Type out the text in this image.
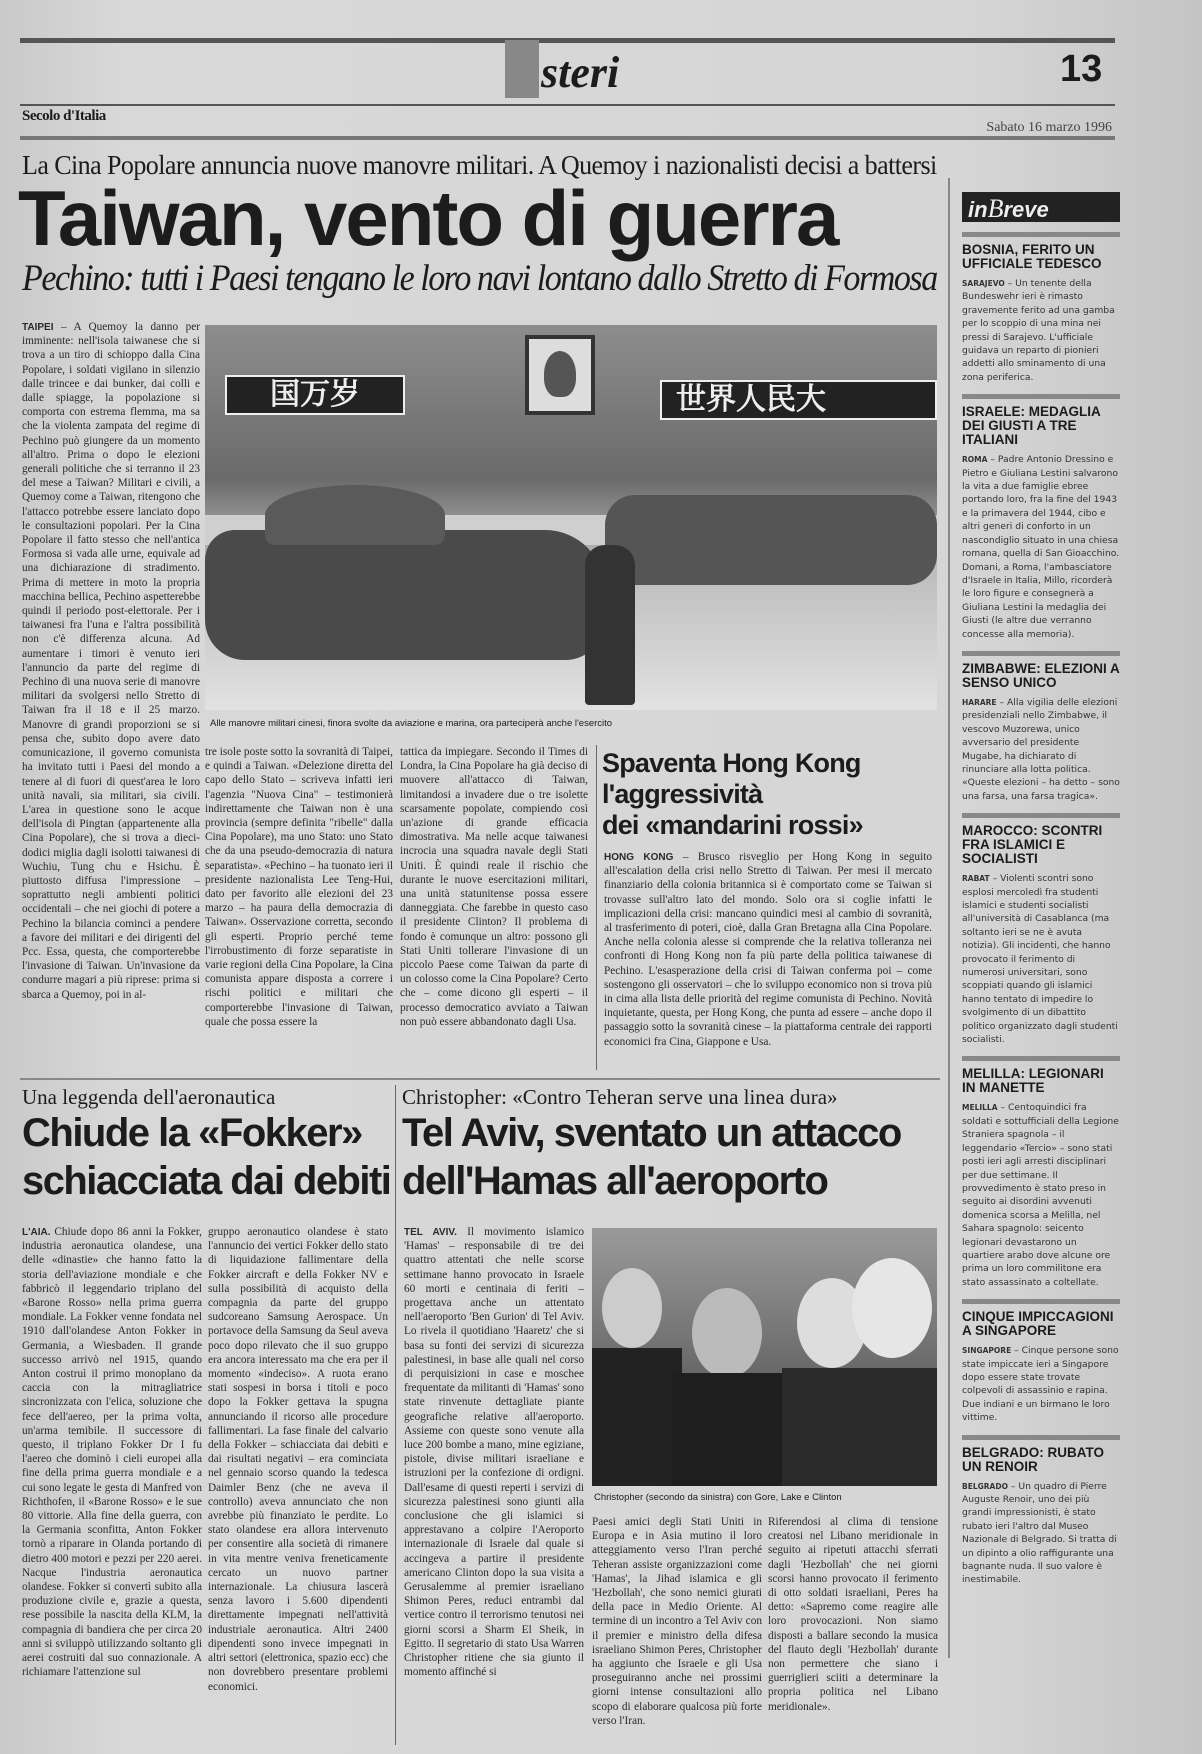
steri	13
Secolo d'Italia
Sabato 16 marzo 1996
La Cina Popolare annuncia nuove manovre militari. A Quemoy i nazionalisti decisi a battersi
Taiwan, vento di guerra
Pechino: tutti i Paesi tengano le loro navi lontano dallo Stretto di Formosa
TAIPEI – A Quemoy la danno per imminente: nell'isola taiwanese che si trova a un tiro di schioppo dalla Cina Popolare, i soldati vigilano in silenzio dalle trincee e dai bunker, dai colli e dalle spiagge, la popolazione si comporta con estrema flemma, ma sa che la violenta zampata del regime di Pechino può giungere da un momento all'altro. Prima o dopo le elezioni generali politiche che si terranno il 23 del mese a Taiwan? Militari e civili, a Quemoy come a Taiwan, ritengono che l'attacco potrebbe essere lanciato dopo le consultazioni popolari. Per la Cina Popolare il fatto stesso che nell'antica Formosa si vada alle urne, equivale ad una dichiarazione di stradimento. Prima di mettere in moto la propria macchina bellica, Pechino aspetterebbe quindi il periodo post-elettorale. Per i taiwanesi fra l'una e l'altra possibilità non c'è differenza alcuna. Ad aumentare i timori è venuto ieri l'annuncio da parte del regime di Pechino di una nuova serie di manovre militari da svolgersi nello Stretto di Taiwan fra il 18 e il 25 marzo. Manovre di grandi proporzioni se si pensa che, subito dopo avere dato comunicazione, il governo comunista ha invitato tutti i Paesi del mondo a tenere al di fuori di quest'area le loro unità navali, sia militari, sia civili. L'area in questione sono le acque dell'isola di Pingtan (appartenente alla Cina Popolare), che si trova a dieci-dodici miglia dagli isolotti taiwanesi di Wuchiu, Tung chu e Hsichu. È piuttosto diffusa l'impressione – soprattutto negli ambienti politici occidentali – che nei giochi di potere a Pechino la bilancia cominci a pendere a favore dei militari e dei dirigenti del Pcc. Essa, questa, che comporterebbe l'invasione di Taiwan. Un'invasione da condurre magari a più riprese: prima si sbarca a Quemoy, poi in al-
国万岁	世界人民大
Alle manovre militari cinesi, finora svolte da aviazione e marina, ora parteciperà anche l'esercito
tre isole poste sotto la sovranità di Taipei, e quindi a Taiwan. «Delezione diretta del capo dello Stato – scriveva infatti ieri l'agenzia "Nuova Cina" – testimonierà indirettamente che Taiwan non è una provincia (sempre definita "ribelle" dalla Cina Popolare), ma uno Stato: uno Stato che da una pseudo-democrazia di natura separatista». «Pechino – ha tuonato ieri il presidente nazionalista Lee Teng-Hui, dato per favorito alle elezioni del 23 marzo – ha paura della democrazia di Taiwan». Osservazione corretta, secondo gli esperti. Proprio perché teme l'irrobustimento di forze separatiste in varie regioni della Cina Popolare, la Cina comunista appare disposta a correre i rischi politici e militari che comporterebbe l'invasione di Taiwan, quale che possa essere la
tattica da impiegare. Secondo il Times di Londra, la Cina Popolare ha già deciso di muovere all'attacco di Taiwan, limitandosi a invadere due o tre isolette scarsamente popolate, compiendo così un'azione di grande efficacia dimostrativa. Ma nelle acque taiwanesi incrocia una squadra navale degli Stati Uniti. È quindi reale il rischio che durante le nuove esercitazioni militari, una unità statunitense possa essere danneggiata. Che farebbe in questo caso il presidente Clinton? Il problema di fondo è comunque un altro: possono gli Stati Uniti tollerare l'invasione di un piccolo Paese come Taiwan da parte di un colosso come la Cina Popolare? Certo che – come dicono gli esperti – il processo democratico avviato a Taiwan non può essere abbandonato dagli Usa.
Spaventa Hong Kong
l'aggressività
dei «mandarini rossi»
HONG KONG – Brusco risveglio per Hong Kong in seguito all'escalation della crisi nello Stretto di Taiwan. Per mesi il mercato finanziario della colonia britannica si è comportato come se Taiwan si trovasse sull'altro lato del mondo. Solo ora si coglie infatti le implicazioni della crisi: mancano quindici mesi al cambio di sovranità, al trasferimento di poteri, cioè, dalla Gran Bretagna alla Cina Popolare. Anche nella colonia alesse si comprende che la relativa tolleranza nei confronti di Hong Kong non fa più parte della politica taiwanese di Pechino. L'esasperazione della crisi di Taiwan conferma poi – come sostengono gli osservatori – che lo sviluppo economico non si trova più in cima alla lista delle priorità del regime comunista di Pechino. Novità inquietante, questa, per Hong Kong, che punta ad essere – anche dopo il passaggio sotto la sovranità cinese – la piattaforma centrale dei rapporti economici fra Cina, Giappone e Usa.
Una leggenda dell'aeronautica
Chiude la «Fokker»
schiacciata dai debiti
L'AIA. Chiude dopo 86 anni la Fokker, industria aeronautica olandese, una delle «dinastie» che hanno fatto la storia dell'aviazione mondiale e che fabbricò il leggendario triplano del «Barone Rosso» nella prima guerra mondiale. La Fokker venne fondata nel 1910 dall'olandese Anton Fokker in Germania, a Wiesbaden. Il grande successo arrivò nel 1915, quando Anton costruì il primo monoplano da caccia con la mitragliatrice sincronizzata con l'elica, soluzione che fece dell'aereo, per la prima volta, un'arma temibile. Il successore di questo, il triplano Fokker Dr I fu l'aereo che dominò i cieli europei alla fine della prima guerra mondiale e a cui sono legate le gesta di Manfred von Richthofen, il «Barone Rosso» e le sue 80 vittorie. Alla fine della guerra, con la Germania sconfitta, Anton Fokker tornò a riparare in Olanda portando di dietro 400 motori e pezzi per 220 aerei. Nacque l'industria aeronautica olandese. Fokker si convertì subito alla produzione civile e, grazie a questa, rese possibile la nascita della KLM, la compagnia di bandiera che per circa 20 anni si sviluppò utilizzando soltanto gli aerei costruiti dal suo connazionale. A richiamare l'attenzione sul
gruppo aeronautico olandese è stato l'annuncio dei vertici Fokker dello stato di liquidazione fallimentare della Fokker aircraft e della Fokker NV e sulla possibilità di acquisto della compagnia da parte del gruppo sudcoreano Samsung Aerospace. Un portavoce della Samsung da Seul aveva poco dopo rilevato che il suo gruppo era ancora interessato ma che era per il momento «indeciso». A ruota erano stati sospesi in borsa i titoli e poco dopo la Fokker gettava la spugna annunciando il ricorso alle procedure fallimentari. La fase finale del calvario della Fokker – schiacciata dai debiti e dai risultati negativi – era cominciata nel gennaio scorso quando la tedesca Daimler Benz (che ne aveva il controllo) aveva annunciato che non avrebbe più finanziato le perdite. Lo stato olandese era allora intervenuto per consentire alla società di rimanere in vita mentre veniva freneticamente cercato un nuovo partner internazionale. La chiusura lascerà senza lavoro i 5.600 dipendenti direttamente impegnati nell'attività industriale aeronautica. Altri 2400 dipendenti sono invece impegnati in altri settori (elettronica, spazio ecc) che non dovrebbero presentare problemi economici.
Christopher: «Contro Teheran serve una linea dura»
Tel Aviv, sventato un attacco
dell'Hamas all'aeroporto
TEL AVIV. Il movimento islamico 'Hamas' – responsabile di tre dei quattro attentati che nelle scorse settimane hanno provocato in Israele 60 morti e centinaia di feriti – progettava anche un attentato nell'aeroporto 'Ben Gurion' di Tel Aviv. Lo rivela il quotidiano 'Haaretz' che si basa su fonti dei servizi di sicurezza palestinesi, in base alle quali nel corso di perquisizioni in case e moschee frequentate da militanti di 'Hamas' sono state rinvenute dettagliate piante geografiche relative all'aeroporto. Assieme con queste sono venute alla luce 200 bombe a mano, mine egiziane, pistole, divise militari israeliane e istruzioni per la confezione di ordigni. Dall'esame di questi reperti i servizi di sicurezza palestinesi sono giunti alla conclusione che gli islamici si apprestavano a colpire l'Aeroporto internazionale di Israele dal quale si accingeva a partire il presidente americano Clinton dopo la sua visita a Gerusalemme al premier israeliano Shimon Peres, reduci entrambi dal vertice contro il terrorismo tenutosi nei giorni scorsi a Sharm El Sheik, in Egitto. Il segretario di stato Usa Warren Christopher ritiene che sia giunto il momento affinché si
Christopher (secondo da sinistra) con Gore, Lake e Clinton
Paesi amici degli Stati Uniti in Europa e in Asia mutino il loro atteggiamento verso l'Iran perché Teheran assiste organizzazioni come 'Hamas', la Jihad islamica e gli 'Hezbollah', che sono nemici giurati della pace in Medio Oriente. Al termine di un incontro a Tel Aviv con il premier e ministro della difesa israeliano Shimon Peres, Christopher ha aggiunto che Israele e gli Usa proseguiranno anche nei prossimi giorni intense consultazioni allo scopo di elaborare qualcosa più forte verso l'Iran.
Riferendosi al clima di tensione creatosi nel Libano meridionale in seguito ai ripetuti attacchi sferrati dagli 'Hezbollah' che nei giorni scorsi hanno provocato il ferimento di otto soldati israeliani, Peres ha detto: «Sapremo come reagire alle loro provocazioni. Non siamo disposti a ballare secondo la musica del flauto degli 'Hezbollah' durante non permettere che siano i guerriglieri sciiti a determinare la propria politica nel Libano meridionale».
inBreve
BOSNIA, FERITO UN UFFICIALE TEDESCO

SARAJEVO – Un tenente della Bundeswehr ieri è rimasto gravemente ferito ad una gamba per lo scoppio di una mina nei pressi di Sarajevo. L'ufficiale guidava un reparto di pionieri addetti allo sminamento di una zona periferica.

ISRAELE: MEDAGLIA DEI GIUSTI A TRE ITALIANI

ROMA – Padre Antonio Dressino e Pietro e Giuliana Lestini salvarono la vita a due famiglie ebree portando loro, fra la fine del 1943 e la primavera del 1944, cibo e altri generi di conforto in un nascondiglio situato in una chiesa romana, quella di San Gioacchino. Domani, a Roma, l'ambasciatore d'Israele in Italia, Millo, ricorderà le loro figure e consegnerà a Giuliana Lestini la medaglia dei Giusti (le altre due verranno concesse alla memoria).

ZIMBABWE: ELEZIONI A SENSO UNICO

HARARE – Alla vigilia delle elezioni presidenziali nello Zimbabwe, il vescovo Muzorewa, unico avversario del presidente Mugabe, ha dichiarato di rinunciare alla lotta politica. «Queste elezioni – ha detto – sono una farsa, una farsa tragica».

MAROCCO: SCONTRI FRA ISLAMICI E SOCIALISTI

RABAT – Violenti scontri sono esplosi mercoledì fra studenti islamici e studenti socialisti all'università di Casablanca (ma soltanto ieri se ne è avuta notizia). Gli incidenti, che hanno provocato il ferimento di numerosi universitari, sono scoppiati quando gli islamici hanno tentato di impedire lo svolgimento di un dibattito politico organizzato dagli studenti socialisti.

MELILLA: LEGIONARI IN MANETTE

MELILLA – Centoquindici fra soldati e sottufficiali della Legione Straniera spagnola – il leggendario «Tercio» – sono stati posti ieri agli arresti disciplinari per due settimane. Il provvedimento è stato preso in seguito ai disordini avvenuti domenica scorsa a Melilla, nel Sahara spagnolo: seicento legionari devastarono un quartiere arabo dove alcune ore prima un loro commilitone era stato assassinato a coltellate.

CINQUE IMPICCAGIONI A SINGAPORE

SINGAPORE – Cinque persone sono state impiccate ieri a Singapore dopo essere state trovate colpevoli di assassinio e rapina. Due indiani e un birmano le loro vittime.

BELGRADO: RUBATO UN RENOIR

BELGRADO – Un quadro di Pierre Auguste Renoir, uno dei più grandi impressionisti, è stato rubato ieri l'altro dal Museo Nazionale di Belgrado. Si tratta di un dipinto a olio raffigurante una bagnante nuda. Il suo valore è inestimabile.
